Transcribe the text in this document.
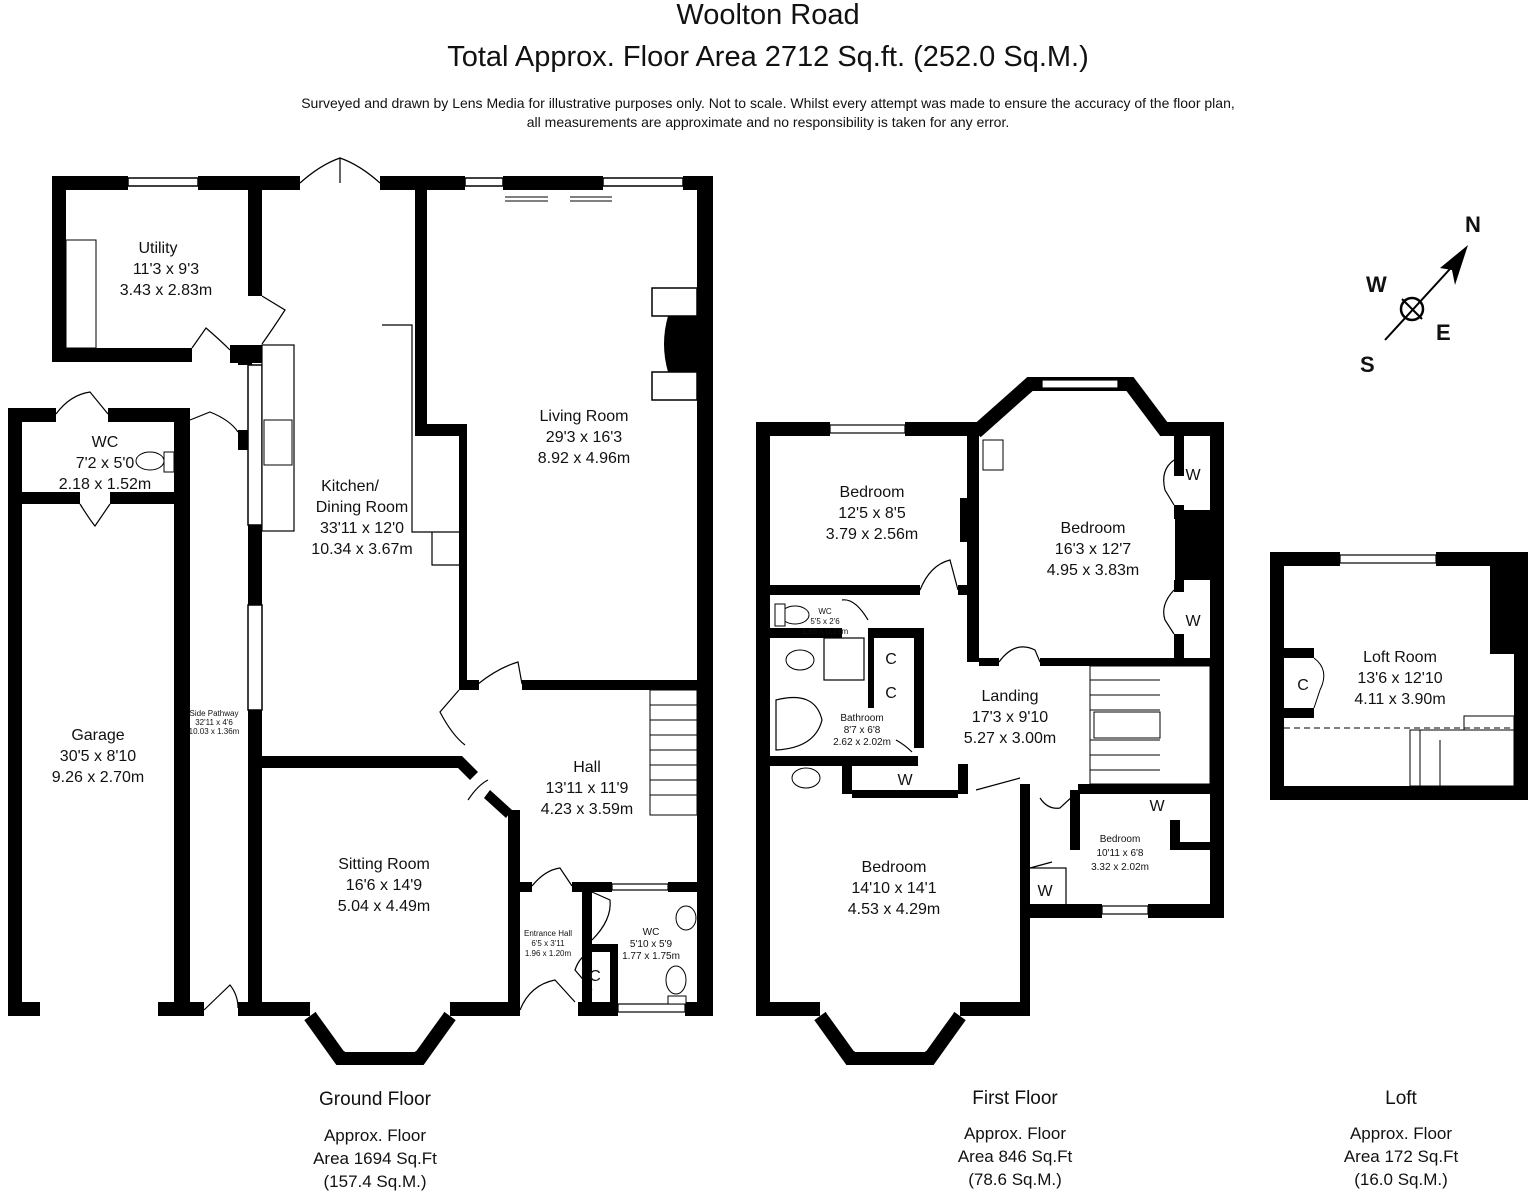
Woolton Road
Total Approx. Floor Area 2712 Sq.ft. (252.0 Sq.M.)
Surveyed and drawn by Lens Media for illustrative purposes only. Not to scale. Whilst every attempt was made to ensure the accuracy of the floor plan,
all measurements are approximate and no responsibility is taken for any error.
N
W
E
S
Utility
11'3 x 9'3
3.43 x 2.83m
WC
7'2 x 5'0
2.18 x 1.52m
Garage
30'5 x 8'10
9.26 x 2.70m
Side Pathway
32'11 x 4'6
10.03 x 1.36m
Kitchen/
Dining Room
33'11 x 12'0
10.34 x 3.67m
Living Room
29'3 x 16'3
8.92 x 4.96m
Hall
13'11 x 11'9
4.23 x 3.59m
Sitting Room
16'6 x 14'9
5.04 x 4.49m
Entrance Hall
6'5 x 3'11
1.96 x 1.20m
WC
5'10 x 5'9
1.77 x 1.75m
C
Bedroom
12'5 x 8'5
3.79 x 2.56m	Bedroom
16'3 x 12'7
4.95 x 3.83m
WC
5'5 x 2'6
1.65 x 0.77m
Bathroom
8'7 x 6'8
2.62 x 2.02m
Landing
17'3 x 9'10
5.27 x 3.00m
Bedroom
14'10 x 14'1
4.53 x 4.29m
Bedroom
10'11 x 6'8
3.32 x 2.02m
C
C
W
W
W
W
W
Loft Room
13'6 x 12'10
4.11 x 3.90m
C
Ground Floor
Approx. Floor
Area 1694 Sq.Ft
(157.4 Sq.M.)
First Floor
Approx. Floor
Area 846 Sq.Ft
(78.6 Sq.M.)
Loft
Approx. Floor
Area 172 Sq.Ft
(16.0 Sq.M.)
